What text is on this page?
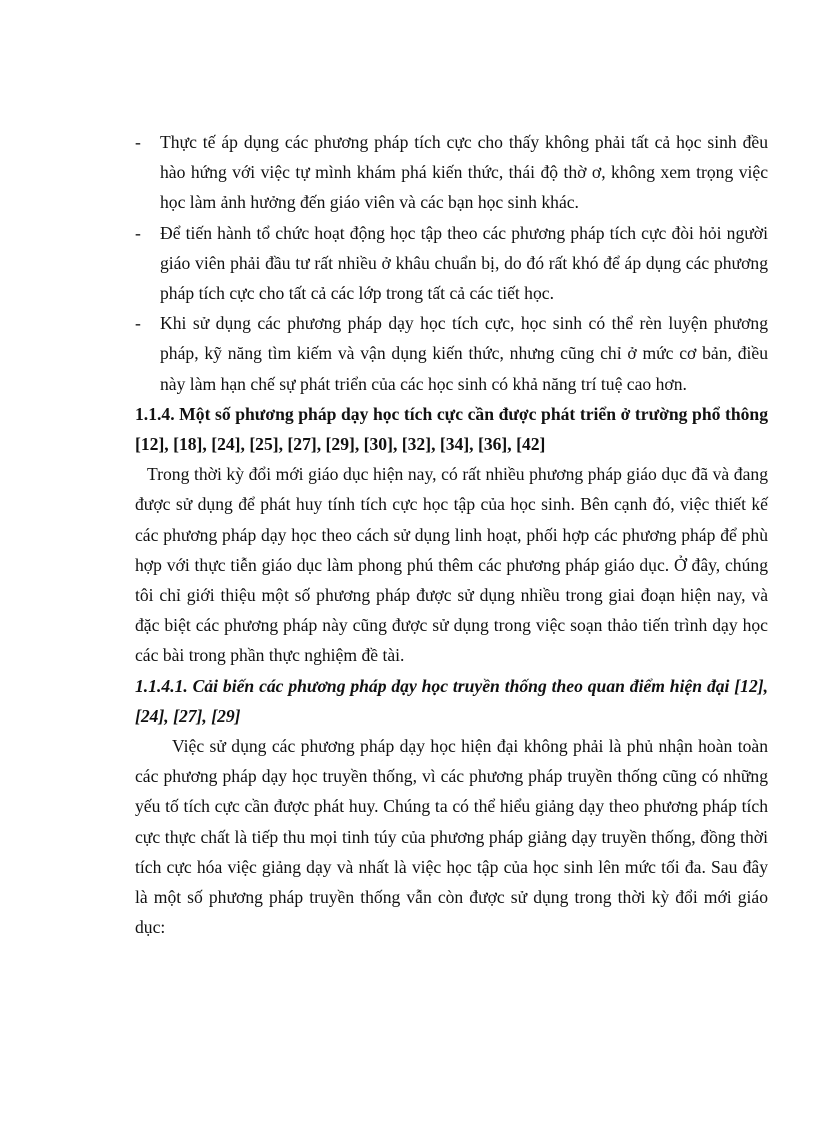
- Thực tế áp dụng các phương pháp tích cực cho thấy không phải tất cả học sinh đều hào hứng với việc tự mình khám phá kiến thức, thái độ thờ ơ, không xem trọng việc học làm ảnh hưởng đến giáo viên và các bạn học sinh khác.
- Để tiến hành tổ chức hoạt động học tập theo các phương pháp tích cực đòi hỏi người giáo viên phải đầu tư rất nhiều ở khâu chuẩn bị, do đó rất khó để áp dụng các phương pháp tích cực cho tất cả các lớp trong tất cả các tiết học.
- Khi sử dụng các phương pháp dạy học tích cực, học sinh có thể rèn luyện phương pháp, kỹ năng tìm kiếm và vận dụng kiến thức, nhưng cũng chỉ ở mức cơ bản, điều này làm hạn chế sự phát triển của các học sinh có khả năng trí tuệ cao hơn.
1.1.4. Một số phương pháp dạy học tích cực cần được phát triển ở trường phổ thông [12], [18], [24], [25], [27], [29], [30], [32], [34], [36], [42]
Trong thời kỳ đổi mới giáo dục hiện nay, có rất nhiều phương pháp giáo dục đã và đang được sử dụng để phát huy tính tích cực học tập của học sinh. Bên cạnh đó, việc thiết kế các phương pháp dạy học theo cách sử dụng linh hoạt, phối hợp các phương pháp để phù hợp với thực tiễn giáo dục làm phong phú thêm các phương pháp giáo dục. Ở đây, chúng tôi chỉ giới thiệu một số phương pháp được sử dụng nhiều trong giai đoạn hiện nay, và đặc biệt các phương pháp này cũng được sử dụng trong việc soạn thảo tiến trình dạy học các bài trong phần thực nghiệm đề tài.
1.1.4.1. Cải biến các phương pháp dạy học truyền thống theo quan điểm hiện đại [12], [24], [27], [29]
Việc sử dụng các phương pháp dạy học hiện đại không phải là phủ nhận hoàn toàn các phương pháp dạy học truyền thống, vì các phương pháp truyền thống cũng có những yếu tố tích cực cần được phát huy. Chúng ta có thể hiểu giảng dạy theo phương pháp tích cực thực chất là tiếp thu mọi tinh túy của phương pháp giảng dạy truyền thống, đồng thời tích cực hóa việc giảng dạy và nhất là việc học tập của học sinh lên mức tối đa. Sau đây là một số phương pháp truyền thống vẫn còn được sử dụng trong thời kỳ đổi mới giáo dục:
